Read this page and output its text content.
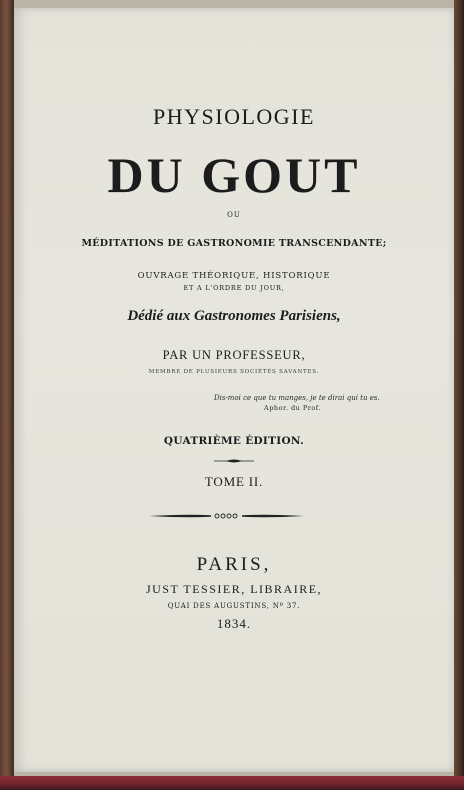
PHYSIOLOGIE
DU GOUT
OU
MÉDITATIONS DE GASTRONOMIE TRANSCENDANTE;
OUVRAGE THÉORIQUE, HISTORIQUE
ET A L'ORDRE DU JOUR,
Dédié aux Gastronomes Parisiens,
PAR UN PROFESSEUR,
MEMBRE DE PLUSIEURS SOCIÉTÉS SAVANTES.
Dis-moi ce que tu manges, je te dirai qui tu es.
Aphor. du Prof.
QUATRIÈME ÉDITION.
TOME II.
PARIS,
JUST TESSIER, LIBRAIRE,
QUAI DES AUGUSTINS, Nº 37.
1834.
